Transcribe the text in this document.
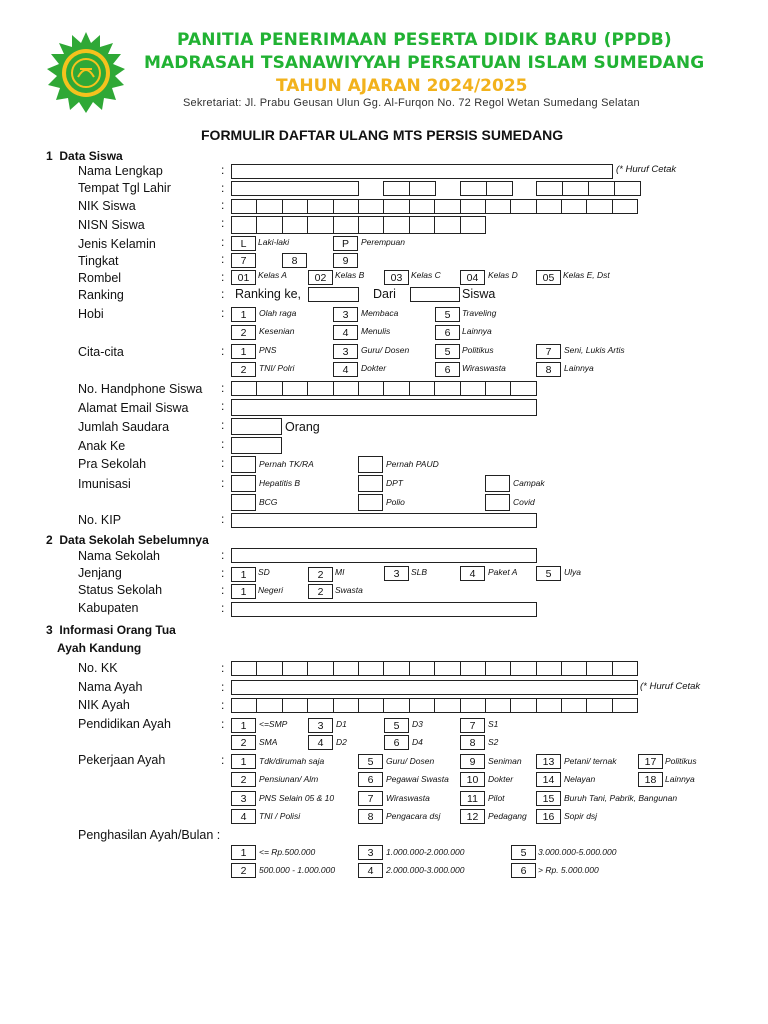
PANITIA PENERIMAAN PESERTA DIDIK BARU (PPDB)
MADRASAH TSANAWIYYAH PERSATUAN ISLAM SUMEDANG
TAHUN AJARAN 2024/2025
Sekretariat: Jl. Prabu Geusan Ulun Gg. Al-Furqon No. 72 Regol Wetan Sumedang Selatan
FORMULIR DAFTAR ULANG MTS PERSIS SUMEDANG
1 Data Siswa
Nama Lengkap	:	(* Huruf Cetak
Tempat Tgl Lahir	:
NIK Siswa	:
NISN Siswa	:
Jenis Kelamin	:	L	Laki-laki	P	Perempuan
Tingkat	:	7	8	9
Rombel	:	01	Kelas A	02	Kelas B	03	Kelas C	04	Kelas D	05	Kelas E, Dst
Ranking	: Ranking ke,	Dari	Siswa
Hobi	:	1	Olah raga	3	Membaca	5	Traveling
2	Kesenian	4	Menulis	6	Lainnya
Cita-cita	:	1	PNS	3	Guru/ Dosen	5	Politikus	7	Seni, Lukis Artis
2	TNI/ Polri	4	Dokter	6	Wiraswasta	8	Lainnya
No. Handphone Siswa :
Alamat Email Siswa	:
Jumlah Saudara	:	Orang
Anak Ke	:
Pra Sekolah	:	Pernah TK/RA	Pernah PAUD
Imunisasi	:	Hepatitis B	DPT	Campak
BCG	Polio	Covid
No. KIP	:
2 Data Sekolah Sebelumnya
Nama Sekolah	:
Jenjang	:	1	SD	2	MI	3	SLB	4	Paket A	5	Ulya
Status Sekolah	:	1	Negeri	2	Swasta
Kabupaten	:
3 Informasi Orang Tua
Ayah Kandung
No. KK	:
Nama Ayah	:	(* Huruf Cetak
NIK Ayah	:
Pendidikan Ayah	:	1	<=SMP	3	D1	5	D3	7	S1
2	SMA	4	D2	6	D4	8	S2
Pekerjaan Ayah	:	1	Tdk/dirumah saja	5	Guru/ Dosen	9	Seniman	13	Petani/ ternak	17	Politikus
2	Pensiunan/ Alm	6	Pegawai Swasta	10	Dokter	14	Nelayan	18	Lainnya
3	PNS Selain 05 & 10	7	Wiraswasta	11	Pilot	15	Buruh Tani, Pabrik, Bangunan
4	TNI / Polisi	8	Pengacara dsj	12	Pedagang	16	Sopir dsj
Penghasilan Ayah/Bulan :
1	<= Rp.500.000	3	1.000.000-2.000.000	5	3.000.000-5.000.000
2	500.000 - 1.000.000	4	2.000.000-3.000.000	6	> Rp. 5.000.000
